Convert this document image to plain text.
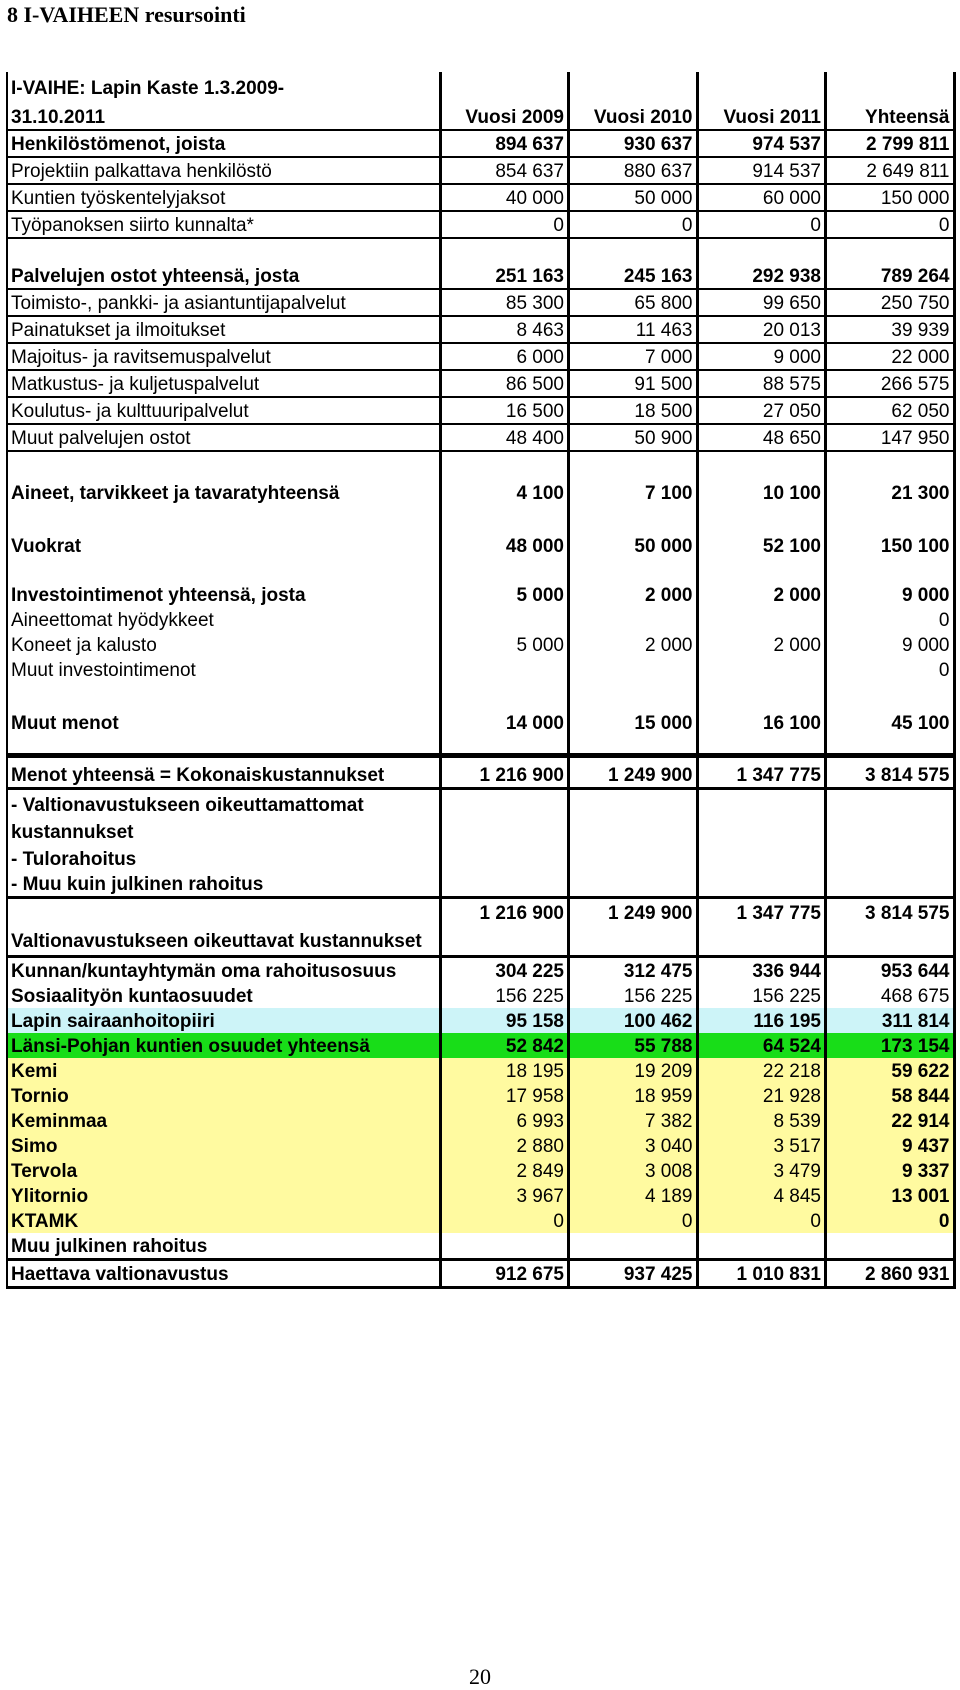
8 I-VAIHEEN resursointi
I-VAIHE: Lapin Kaste 1.3.2009-				
31.10.2011	Vuosi 2009	Vuosi 2010	Vuosi 2011	Yhteensä
Henkilöstömenot, joista	894 637	930 637	974 537	2 799 811
Projektiin palkattava henkilöstö	854 637	880 637	914 537	2 649 811
Kuntien työskentelyjaksot	40 000	50 000	60 000	150 000
Työpanoksen siirto kunnalta*	0	0	0	0

Palvelujen ostot yhteensä, josta	251 163	245 163	292 938	789 264
Toimisto-, pankki- ja asiantuntijapalvelut	85 300	65 800	99 650	250 750
Painatukset ja ilmoitukset	8 463	11 463	20 013	39 939
Majoitus- ja ravitsemuspalvelut	6 000	7 000	9 000	22 000
Matkustus- ja kuljetuspalvelut	86 500	91 500	88 575	266 575
Koulutus- ja kulttuuripalvelut	16 500	18 500	27 050	62 050
Muut palvelujen ostot	48 400	50 900	48 650	147 950

Aineet, tarvikkeet ja tavaratyhteensä	4 100	7 100	10 100	21 300

Vuokrat	48 000	50 000	52 100	150 100

Investointimenot yhteensä, josta	5 000	2 000	2 000	9 000
Aineettomat hyödykkeet				0
Koneet ja kalusto	5 000	2 000	2 000	9 000
Muut investointimenot				0

Muut menot	14 000	15 000	16 100	45 100

Menot yhteensä = Kokonaiskustannukset	1 216 900	1 249 900	1 347 775	3 814 575
- Valtionavustukseen oikeuttamattomat kustannukset				
- Tulorahoitus				
- Muu kuin julkinen rahoitus				
Valtionavustukseen oikeuttavat kustannukset	1 216 900	1 249 900	1 347 775	3 814 575
Kunnan/kuntayhtymän oma rahoitusosuus	304 225	312 475	336 944	953 644
Sosiaalityön kuntaosuudet	156 225	156 225	156 225	468 675
Lapin sairaanhoitopiiri	95 158	100 462	116 195	311 814
Länsi-Pohjan kuntien osuudet yhteensä	52 842	55 788	64 524	173 154
Kemi	18 195	19 209	22 218	59 622
Tornio	17 958	18 959	21 928	58 844
Keminmaa	6 993	7 382	8 539	22 914
Simo	2 880	3 040	3 517	9 437
Tervola	2 849	3 008	3 479	9 337
Ylitornio	3 967	4 189	4 845	13 001
KTAMK	0	0	0	0
Muu julkinen rahoitus				
Haettava valtionavustus	912 675	937 425	1 010 831	2 860 931
20
